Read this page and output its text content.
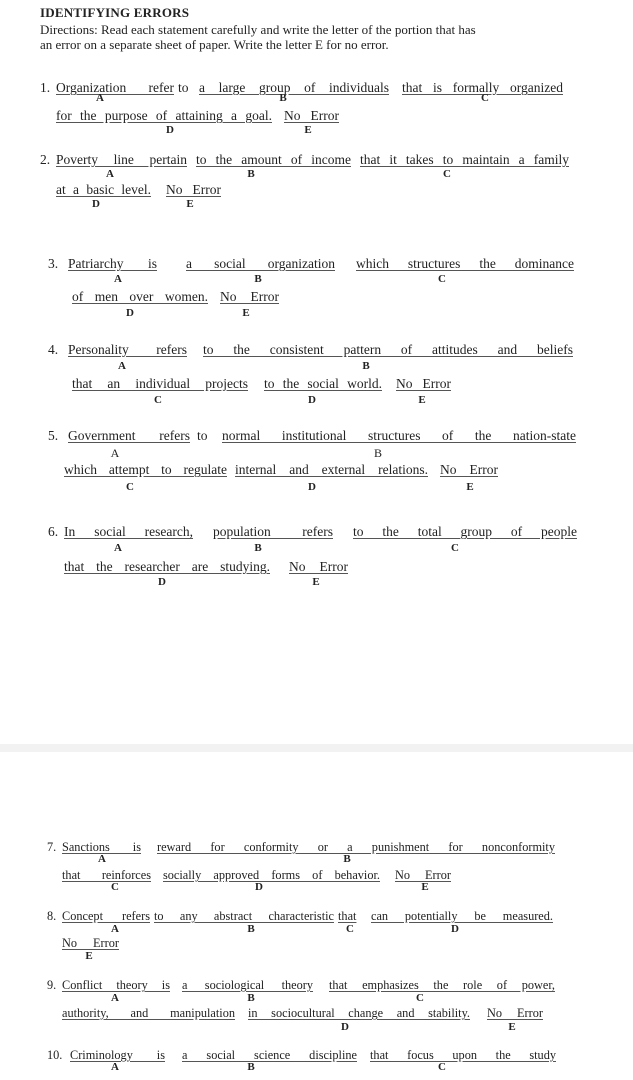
IDENTIFYING ERRORS
Directions: Read each statement carefully and write the letter of the portion that has
an error on a separate sheet of paper. Write the letter E for no error.
1. Organization refer
A
to a large group of individuals
B
that is formally organized
C
for the purpose of attaining a goal.
D
No Error
E
2. Poverty line pertain
A
to the amount of income
B
that it takes to maintain a family
C
at a basic level.
D
No Error
E
3. Patriarchy is
A
a social organization
B
which structures the dominance
C
of men over women.
D
No Error
E
4. Personality refers
A
to the consistent pattern of attitudes and beliefs
B
that an individual projects
C
to the social world.
D
No Error
E
5. Government refers
A
to normal institutional structures of the nation-state
B
which attempt to regulate
C
internal and external relations.
D
No Error
E
6. In social research,
A
population refers
B
to the total group of people
C
that the researcher are studying.
D
No Error
E
7. Sanctions is
A
reward for conformity or a punishment for nonconformity
B
that reinforces
C
socially approved forms of behavior.
D
No Error
E
8. Concept refers
A
to any abstract characteristic
B
that
C
can potentially be measured.
D
No Error
E
9. Conflict theory is
A
a sociological theory
B
that emphasizes the role of power,
C
authority, and manipulation in sociocultural change and stability.
D
No Error
E
10. Criminology is
A
a social science discipline
B
that focus upon the study
C
